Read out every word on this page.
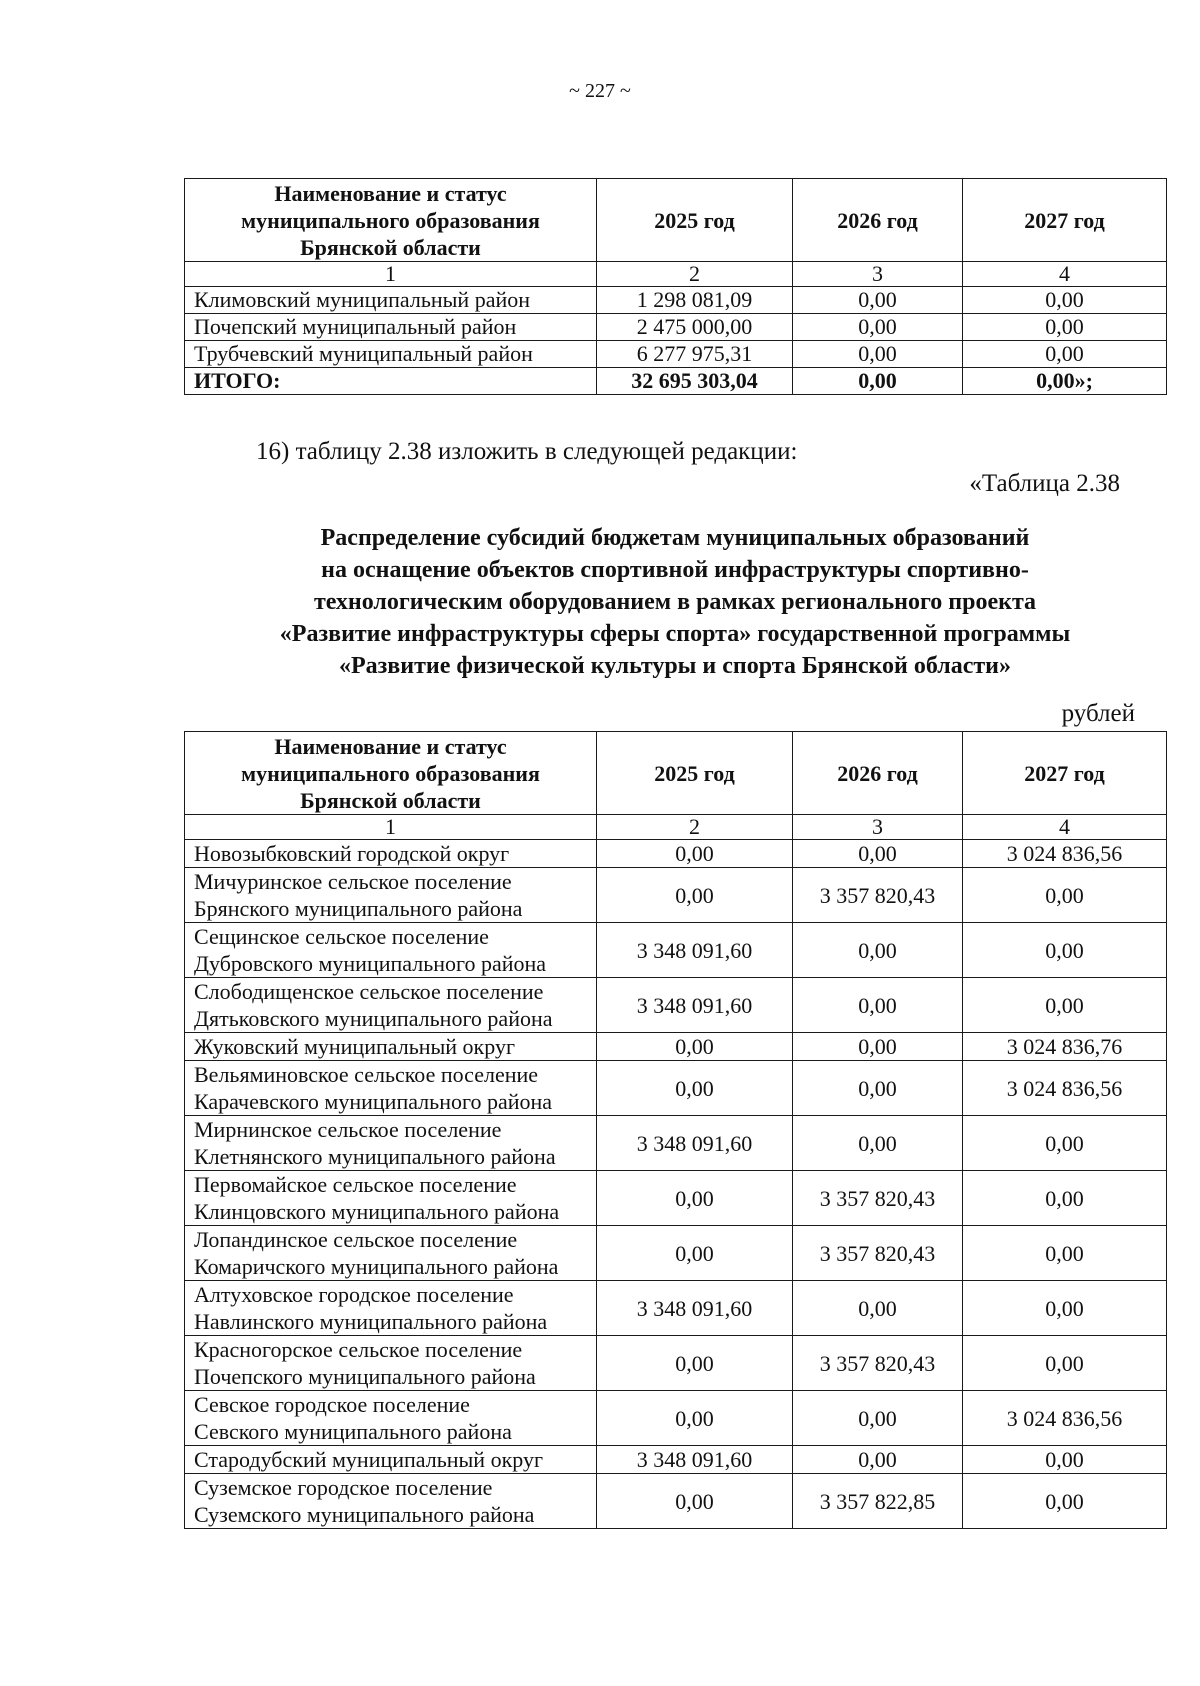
~ 227 ~
Наименование и статус муниципального образования Брянской области	2025 год	2026 год	2027 год
1	2	3	4
Климовский муниципальный район	1 298 081,09	0,00	0,00
Почепский муниципальный район	2 475 000,00	0,00	0,00
Трубчевский муниципальный район	6 277 975,31	0,00	0,00
ИТОГО:	32 695 303,04	0,00	0,00»;
16) таблицу 2.38 изложить в следующей редакции:
«Таблица 2.38
Распределение субсидий бюджетам муниципальных образований
на оснащение объектов спортивной инфраструктуры спортивно-
технологическим оборудованием в рамках регионального проекта
«Развитие инфраструктуры сферы спорта» государственной программы
«Развитие физической культуры и спорта Брянской области»
рублей
Наименование и статус муниципального образования Брянской области	2025 год	2026 год	2027 год
1	2	3	4

Новозыбковский городской округ	0,00	0,00	3 024 836,56

Мичуринское сельское поселение
Брянского муниципального района	0,00	3 357 820,43	0,00

Сещинское сельское поселение
Дубровского муниципального района	3 348 091,60	0,00	0,00

Слободищенское сельское поселение
Дятьковского муниципального района	3 348 091,60	0,00	0,00

Жуковский муниципальный округ	0,00	0,00	3 024 836,76

Вельяминовское сельское поселение
Карачевского муниципального района	0,00	0,00	3 024 836,56

Мирнинское сельское поселение
Клетнянского муниципального района	3 348 091,60	0,00	0,00

Первомайское сельское поселение
Клинцовского муниципального района	0,00	3 357 820,43	0,00

Лопандинское сельское поселение
Комаричского муниципального района	0,00	3 357 820,43	0,00

Алтуховское городское поселение
Навлинского муниципального района	3 348 091,60	0,00	0,00

Красногорское сельское поселение
Почепского муниципального района	0,00	3 357 820,43	0,00

Севское городское поселение
Севского муниципального района	0,00	0,00	3 024 836,56

Стародубский муниципальный округ	3 348 091,60	0,00	0,00

Суземское городское поселение
Суземского муниципального района	0,00	3 357 822,85	0,00
